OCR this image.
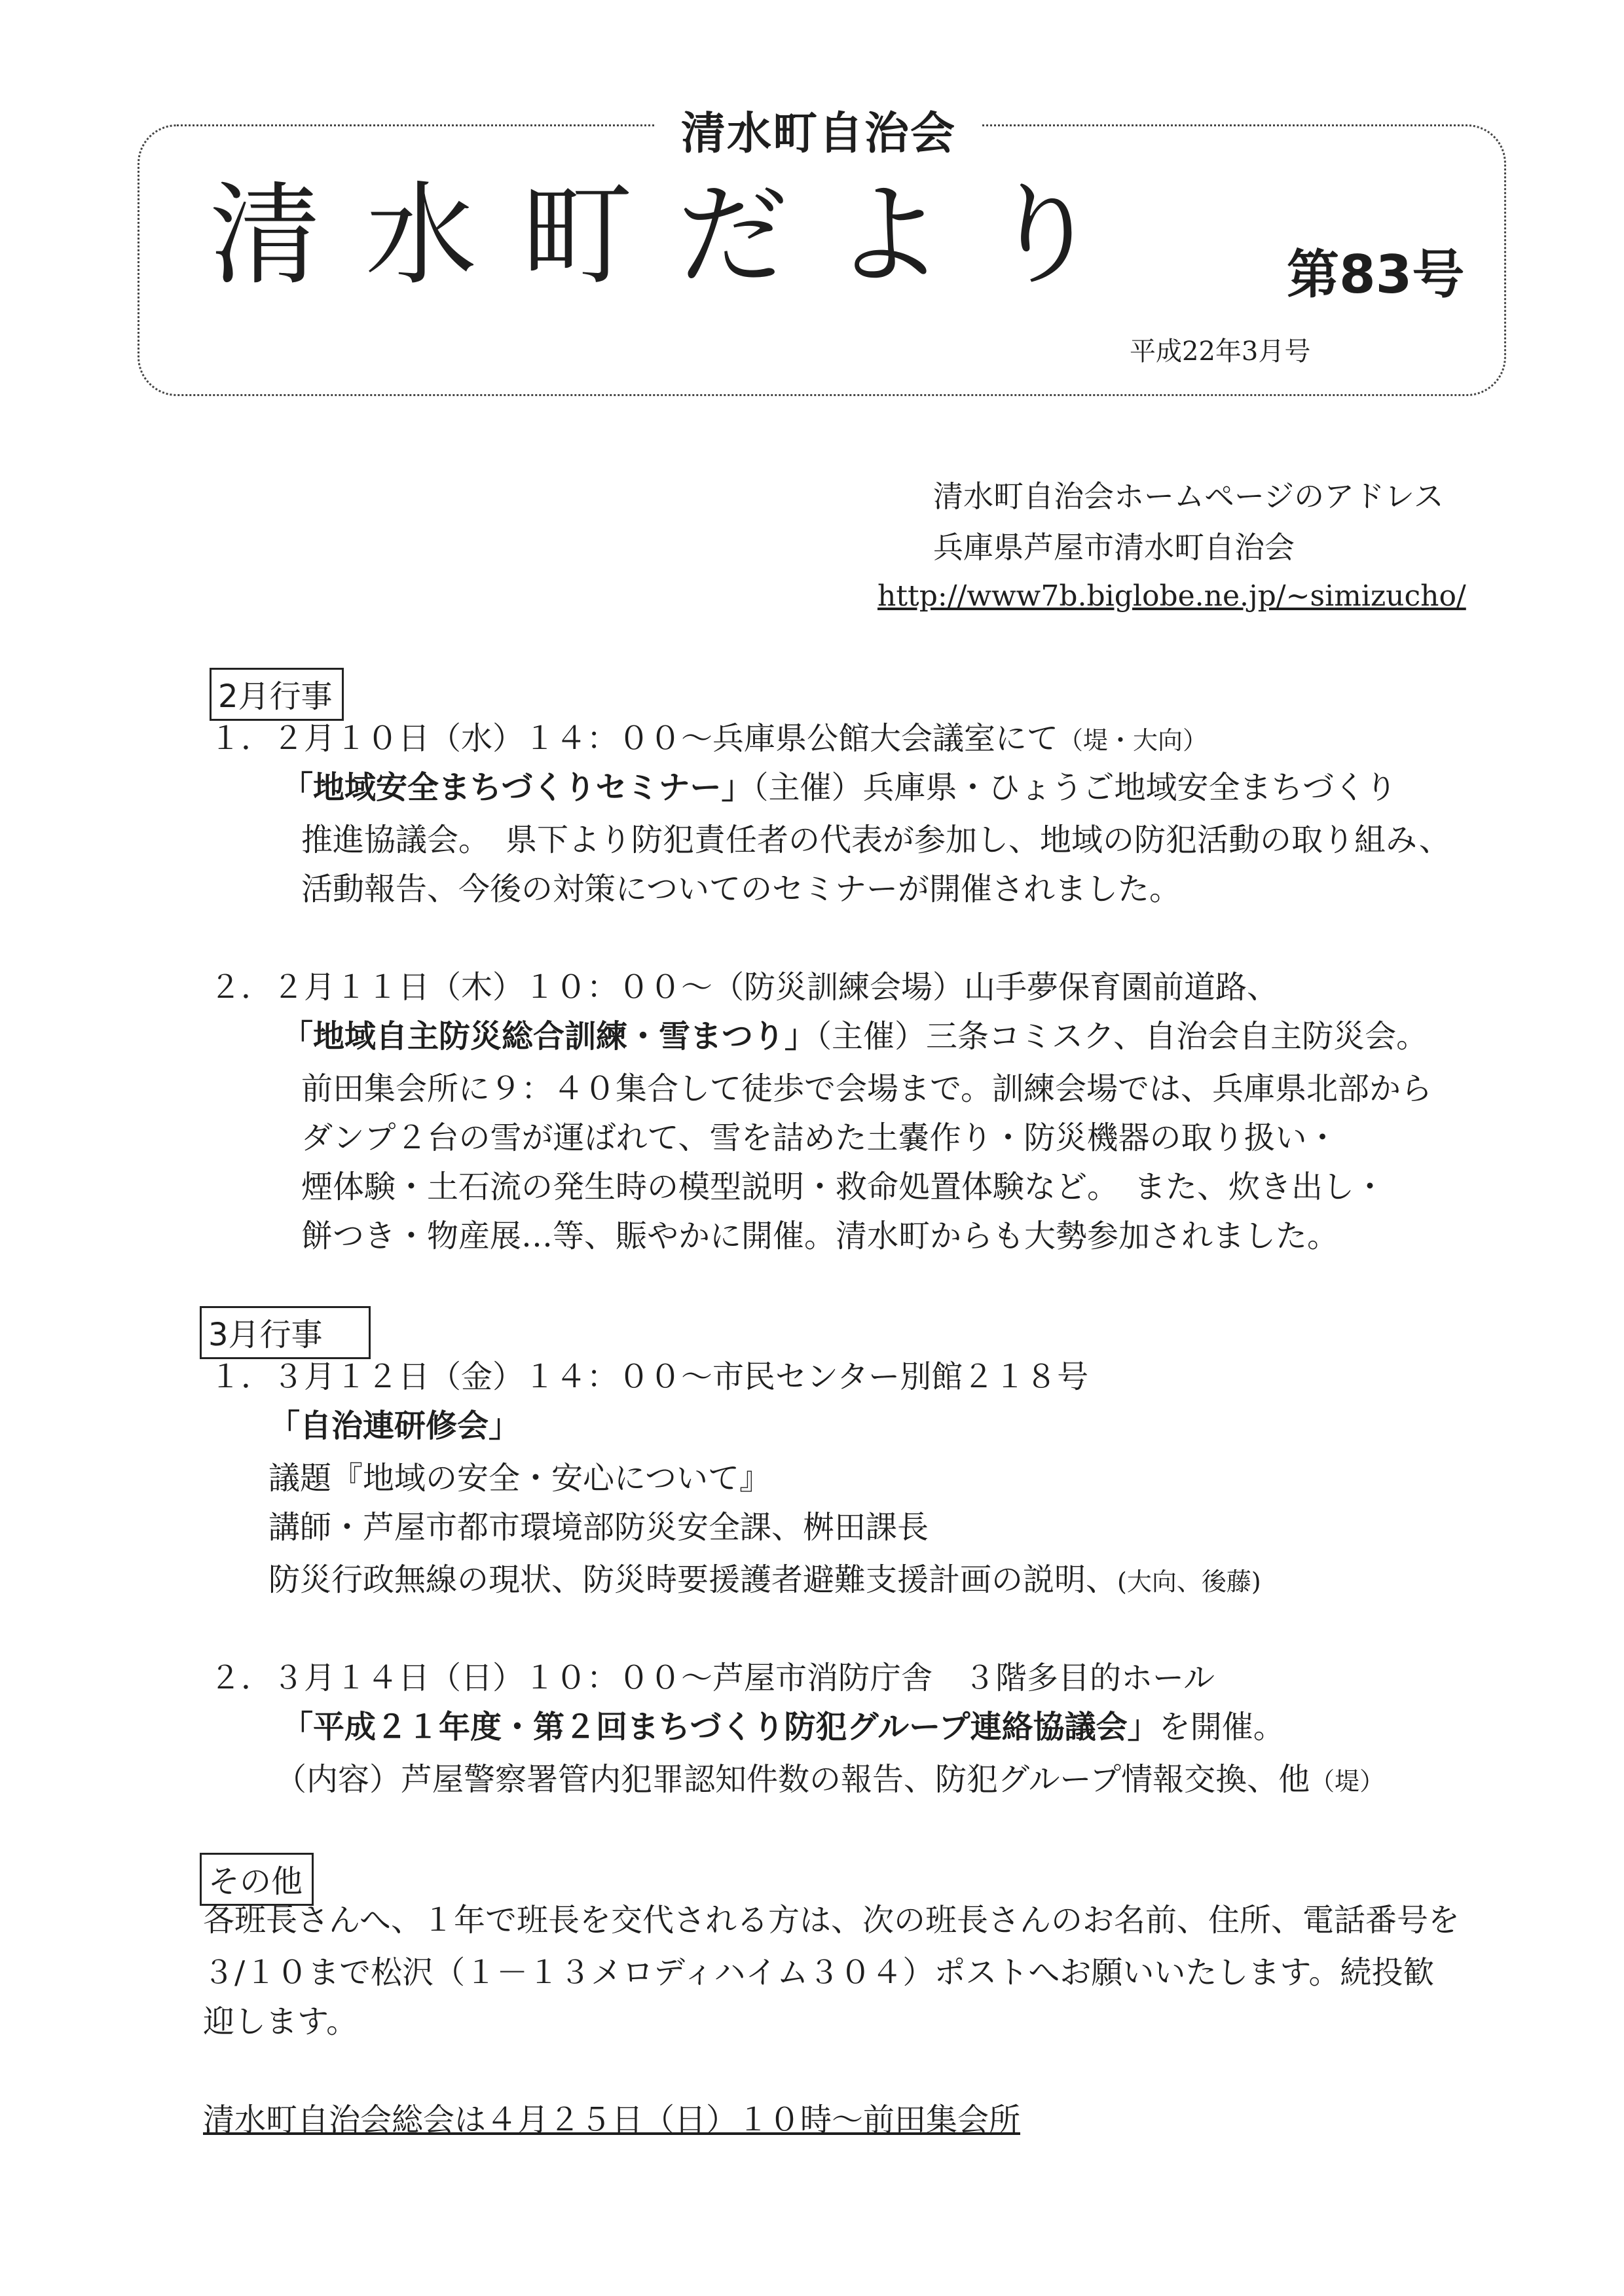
清水町自治会
清水町だより	第83号
平成22年3月号
清水町自治会ホームページのアドレス
兵庫県芦屋市清水町自治会
http://www7b.biglobe.ne.jp/~simizucho/
2月行事
１．２月１０日（水）１４：００～兵庫県公館大会議室にて（堤・大向）
「地域安全まちづくりセミナー」（主催）兵庫県・ひょうご地域安全まちづくり
推進協議会。　県下より防犯責任者の代表が参加し、地域の防犯活動の取り組み、
活動報告、今後の対策についてのセミナーが開催されました。
２．２月１１日（木）１０：００～（防災訓練会場）山手夢保育園前道路、
「地域自主防災総合訓練・雪まつり」（主催）三条コミスク、自治会自主防災会。
前田集会所に９：４０集合して徒歩で会場まで。訓練会場では、兵庫県北部から
ダンプ２台の雪が運ばれて、雪を詰めた土嚢作り・防災機器の取り扱い・
煙体験・土石流の発生時の模型説明・救命処置体験など。　また、炊き出し・
餅つき・物産展…等、賑やかに開催。清水町からも大勢参加されました。
3月行事
１．３月１２日（金）１４：００～市民センター別館２１８号
「自治連研修会」
議題『地域の安全・安心について』
講師・芦屋市都市環境部防災安全課、桝田課長
防災行政無線の現状、防災時要援護者避難支援計画の説明、(大向、後藤)
２．３月１４日（日）１０：００～芦屋市消防庁舎　３階多目的ホール
「平成２１年度・第２回まちづくり防犯グループ連絡協議会」を開催。
（内容）芦屋警察署管内犯罪認知件数の報告、防犯グループ情報交換、他（堤）
その他
各班長さんへ、１年で班長を交代される方は、次の班長さんのお名前、住所、電話番号を
３/１０まで松沢（１－１３メロディハイム３０４）ポストへお願いいたします。続投歓
迎します。
清水町自治会総会は４月２５日（日）１０時～前田集会所
